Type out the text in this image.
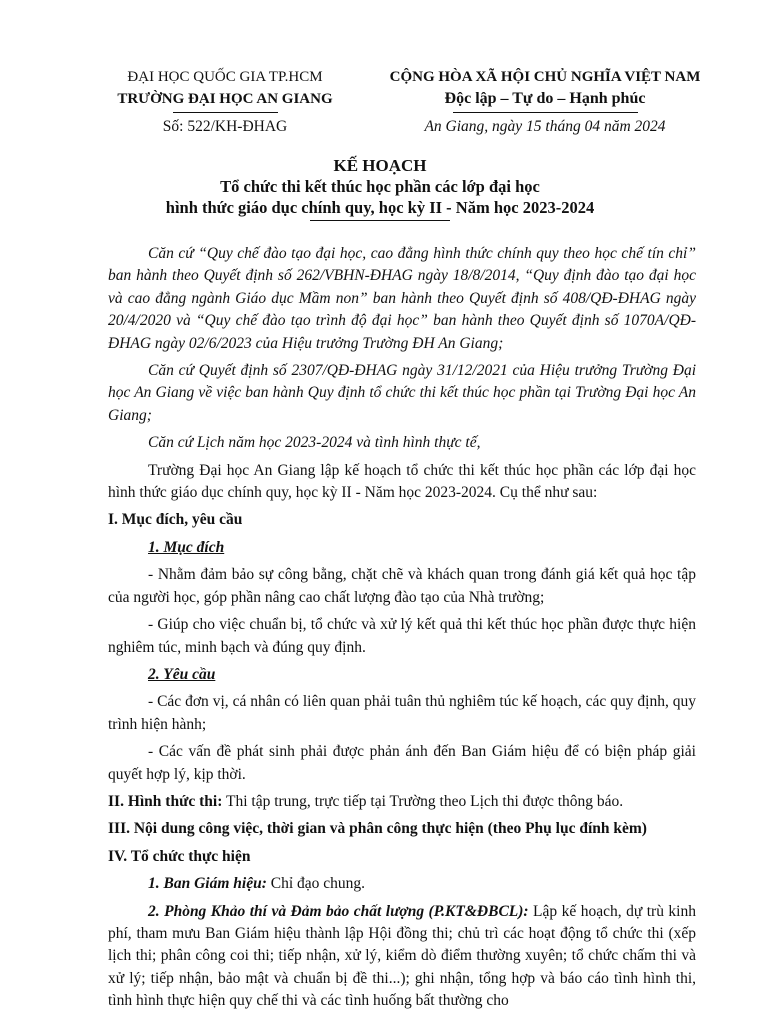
ĐẠI HỌC QUỐC GIA TP.HCM
TRƯỜNG ĐẠI HỌC AN GIANG
CỘNG HÒA XÃ HỘI CHỦ NGHĨA VIỆT NAM
Độc lập – Tự do – Hạnh phúc
Số: 522/KH-ĐHAG	An Giang, ngày 15 tháng 04 năm 2024
KẾ HOẠCH
Tổ chức thi kết thúc học phần các lớp đại học
hình thức giáo dục chính quy, học kỳ II - Năm học 2023-2024

Căn cứ “Quy chế đào tạo đại học, cao đẳng hình thức chính quy theo học chế tín chỉ” ban hành theo Quyết định số 262/VBHN-ĐHAG ngày 18/8/2014, “Quy định đào tạo đại học và cao đẳng ngành Giáo dục Mầm non” ban hành theo Quyết định số 408/QĐ-ĐHAG ngày 20/4/2020 và “Quy chế đào tạo trình độ đại học” ban hành theo Quyết định số 1070A/QĐ-ĐHAG ngày 02/6/2023 của Hiệu trưởng Trường ĐH An Giang;

Căn cứ Quyết định số 2307/QĐ-ĐHAG ngày 31/12/2021 của Hiệu trưởng Trường Đại học An Giang về việc ban hành Quy định tổ chức thi kết thúc học phần tại Trường Đại học An Giang;

Căn cứ Lịch năm học 2023-2024 và tình hình thực tế,

Trường Đại học An Giang lập kế hoạch tổ chức thi kết thúc học phần các lớp đại học hình thức giáo dục chính quy, học kỳ II - Năm học 2023-2024. Cụ thể như sau:

I. Mục đích, yêu cầu

1. Mục đích

- Nhằm đảm bảo sự công bằng, chặt chẽ và khách quan trong đánh giá kết quả học tập của người học, góp phần nâng cao chất lượng đào tạo của Nhà trường;

- Giúp cho việc chuẩn bị, tổ chức và xử lý kết quả thi kết thúc học phần được thực hiện nghiêm túc, minh bạch và đúng quy định.

2. Yêu cầu

- Các đơn vị, cá nhân có liên quan phải tuân thủ nghiêm túc kế hoạch, các quy định, quy trình hiện hành;

- Các vấn đề phát sinh phải được phản ánh đến Ban Giám hiệu để có biện pháp giải quyết hợp lý, kịp thời.

II. Hình thức thi: Thi tập trung, trực tiếp tại Trường theo Lịch thi được thông báo.

III. Nội dung công việc, thời gian và phân công thực hiện (theo Phụ lục đính kèm)

IV. Tổ chức thực hiện

1. Ban Giám hiệu: Chỉ đạo chung.

2. Phòng Khảo thí và Đảm bảo chất lượng (P.KT&ĐBCL): Lập kế hoạch, dự trù kinh phí, tham mưu Ban Giám hiệu thành lập Hội đồng thi; chủ trì các hoạt động tổ chức thi (xếp lịch thi; phân công coi thi; tiếp nhận, xử lý, kiểm dò điểm thường xuyên; tổ chức chấm thi và xử lý; tiếp nhận, bảo mật và chuẩn bị đề thi...); ghi nhận, tổng hợp và báo cáo tình hình thi, tình hình thực hiện quy chế thi và các tình huống bất thường cho
